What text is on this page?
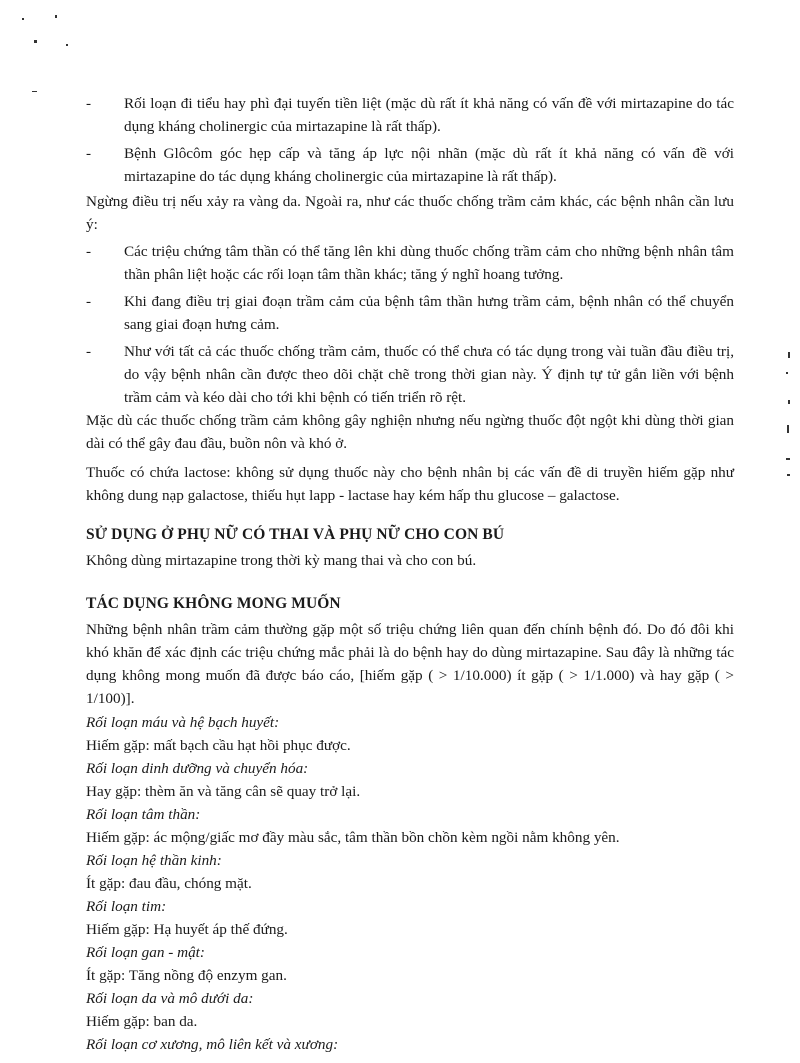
-	Rối loạn đi tiểu hay phì đại tuyến tiền liệt (mặc dù rất ít khả năng có vấn đề với mirtazapine do tác dụng kháng cholinergic của mirtazapine là rất thấp).
-	Bệnh Glôcôm góc hẹp cấp và tăng áp lực nội nhãn (mặc dù rất ít khả năng có vấn đề với mirtazapine do tác dụng kháng cholinergic của mirtazapine là rất thấp).

Ngừng điều trị nếu xảy ra vàng da. Ngoài ra, như các thuốc chống trầm cảm khác, các bệnh nhân cần lưu ý:

-	Các triệu chứng tâm thần có thể tăng lên khi dùng thuốc chống trầm cảm cho những bệnh nhân tâm thần phân liệt hoặc các rối loạn tâm thần khác; tăng ý nghĩ hoang tưởng.
-	Khi đang điều trị giai đoạn trầm cảm của bệnh tâm thần hưng trầm cảm, bệnh nhân có thể chuyển sang giai đoạn hưng cảm.
-	Như với tất cả các thuốc chống trầm cảm, thuốc có thể chưa có tác dụng trong vài tuần đầu điều trị, do vậy bệnh nhân cần được theo dõi chặt chẽ trong thời gian này. Ý định tự tử gắn liền với bệnh trầm cảm và kéo dài cho tới khi bệnh có tiến triển rõ rệt.

Mặc dù các thuốc chống trầm cảm không gây nghiện nhưng nếu ngừng thuốc đột ngột khi dùng thời gian dài có thể gây đau đầu, buồn nôn và khó ở.

Thuốc có chứa lactose: không sử dụng thuốc này cho bệnh nhân bị các vấn đề di truyền hiếm gặp như không dung nạp galactose, thiếu hụt lapp - lactase hay kém hấp thu glucose – galactose.

SỬ DỤNG Ở PHỤ NỮ CÓ THAI VÀ PHỤ NỮ CHO CON BÚ

Không dùng mirtazapine trong thời kỳ mang thai và cho con bú.

TÁC DỤNG KHÔNG MONG MUỐN

Những bệnh nhân trầm cảm thường gặp một số triệu chứng liên quan đến chính bệnh đó. Do đó đôi khi khó khăn để xác định các triệu chứng mắc phải là do bệnh hay do dùng mirtazapine. Sau đây là những tác dụng không mong muốn đã được báo cáo, [hiếm gặp ( > 1/10.000) ít gặp ( > 1/1.000) và hay gặp ( > 1/100)].

Rối loạn máu và hệ bạch huyết:
Hiếm gặp: mất bạch cầu hạt hồi phục được.
Rối loạn dinh dưỡng và chuyển hóa:
Hay gặp: thèm ăn và tăng cân sẽ quay trở lại.
Rối loạn tâm thần:
Hiếm gặp: ác mộng/giấc mơ đầy màu sắc, tâm thần bồn chồn kèm ngồi nằm không yên.
Rối loạn hệ thần kinh:
Ít gặp: đau đầu, chóng mặt.
Rối loạn tim:
Hiếm gặp: Hạ huyết áp thế đứng.
Rối loạn gan - mật:
Ít gặp: Tăng nồng độ enzym gan.
Rối loạn da và mô dưới da:
Hiếm gặp: ban da.
Rối loạn cơ xương, mô liên kết và xương:
